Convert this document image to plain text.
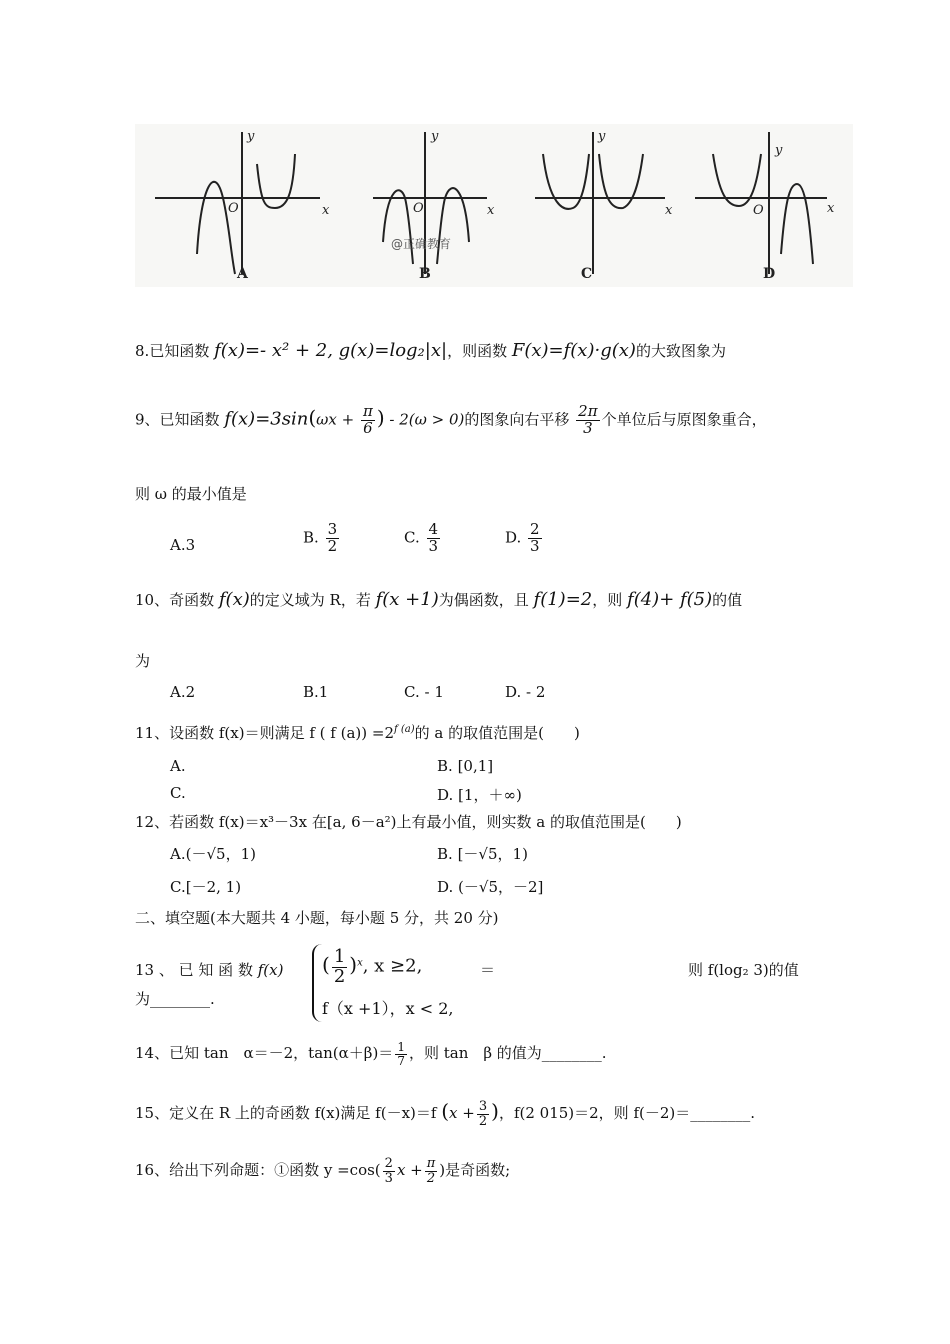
y
x
O
y
x
O
y
x
y
x
O
A	B	C	D
@正确教育
8.已知函数 f(x)=- x² + 2, g(x)=log₂|x|，则函数 F(x)=f(x)·g(x)的大致图象为
9、已知函数 $f(x)=3\sin(\omega x + \frac{\pi}{6}$ ) - 2(ω > 0)的图象向右平移 $\frac{2\pi}{3}$ 个单位后与原图象重合，
则 ω 的最小值是
A.3	B. $\frac{3}{2}$	C. $\frac{4}{3}$	D. $\frac{2}{3}$
10、奇函数 f(x)的定义域为 R，若 f(x +1)为偶函数，且 f(1)=2，则 f(4)+ f(5)的值
为
A.2	B.1	C. - 1	D. - 2
11、设函数 f(x)＝则满足 f ( f $(a)) =2^{f (a)}$的 a 的取值范围是(　　)
A.	B. [0,1]
C.	D. [1，＋∞)
12、若函数 f(x)＝x³－3x 在[a, 6－a²)上有最小值，则实数 a 的取值范围是(　　)
A.(－√5，1)	B. [－√5，1)
C.[－2, 1)	D. (－√5，－2]
二、填空题(本大题共 4 小题，每小题 5 分，共 20 分)
13 、 已 知 函 数 f(x) ( $\frac{1}{2} )^x$, x ≥2,
f（x +1），x < 2,
＝	则 f(log₂ 3)的值
为________.
14、已知 tan　α＝－2，$\tan(\alpha+\beta)= \frac{1}{7}$ ，则 tan　β 的值为________.
15、定义在 R 上的奇函数 f(x)满足 f(－x)＝f ($x + \frac{3}{2}$ )，f(2 015)＝2，则 f(－2)＝________.
16、给出下列命题：①函数 $y =\cos( \frac{2}{3}$ $x + \frac{\pi}{2}$ )是奇函数;
